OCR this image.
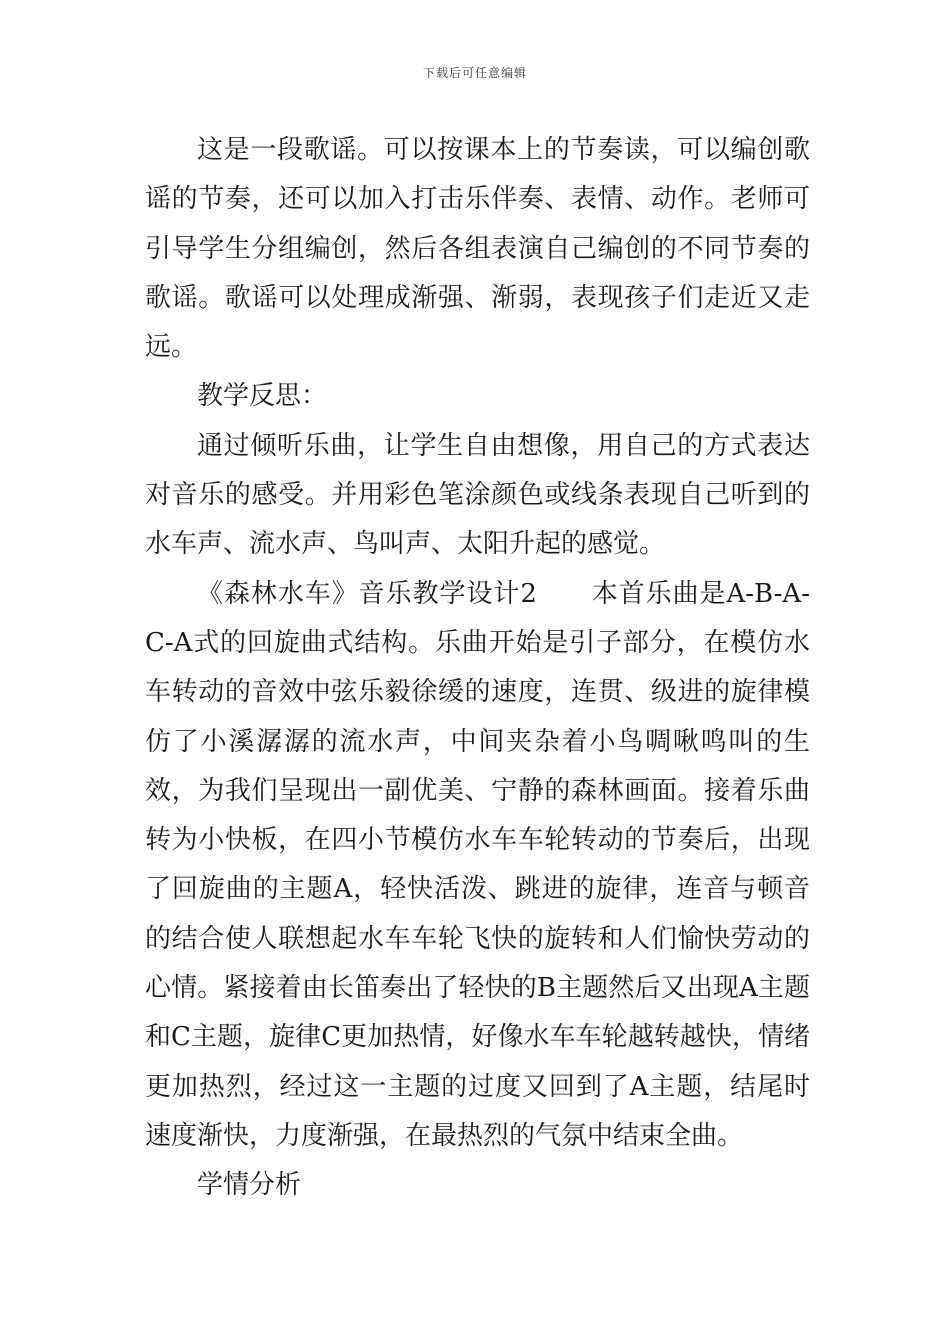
下载后可任意编辑

这是一段歌谣。可以按课本上的节奏读，可以编创歌谣的节奏，还可以加入打击乐伴奏、表情、动作。老师可引导学生分组编创，然后各组表演自己编创的不同节奏的歌谣。歌谣可以处理成渐强、渐弱，表现孩子们走近又走远。

教学反思：

通过倾听乐曲，让学生自由想像，用自己的方式表达对音乐的感受。并用彩色笔涂颜色或线条表现自己听到的水车声、流水声、鸟叫声、太阳升起的感觉。

《森林水车》音乐教学设计2　　本首乐曲是A-B-A-C-A式的回旋曲式结构。乐曲开始是引子部分，在模仿水车转动的音效中弦乐毅徐缓的速度，连贯、级进的旋律模仿了小溪潺潺的流水声，中间夹杂着小鸟啁啾鸣叫的生效，为我们呈现出一副优美、宁静的森林画面。接着乐曲转为小快板，在四小节模仿水车车轮转动的节奏后，出现了回旋曲的主题A，轻快活泼、跳进的旋律，连音与顿音的结合使人联想起水车车轮飞快的旋转和人们愉快劳动的心情。紧接着由长笛奏出了轻快的B主题然后又出现A主题和C主题，旋律C更加热情，好像水车车轮越转越快，情绪更加热烈，经过这一主题的过度又回到了A主题，结尾时速度渐快，力度渐强，在最热烈的气氛中结束全曲。

学情分析
